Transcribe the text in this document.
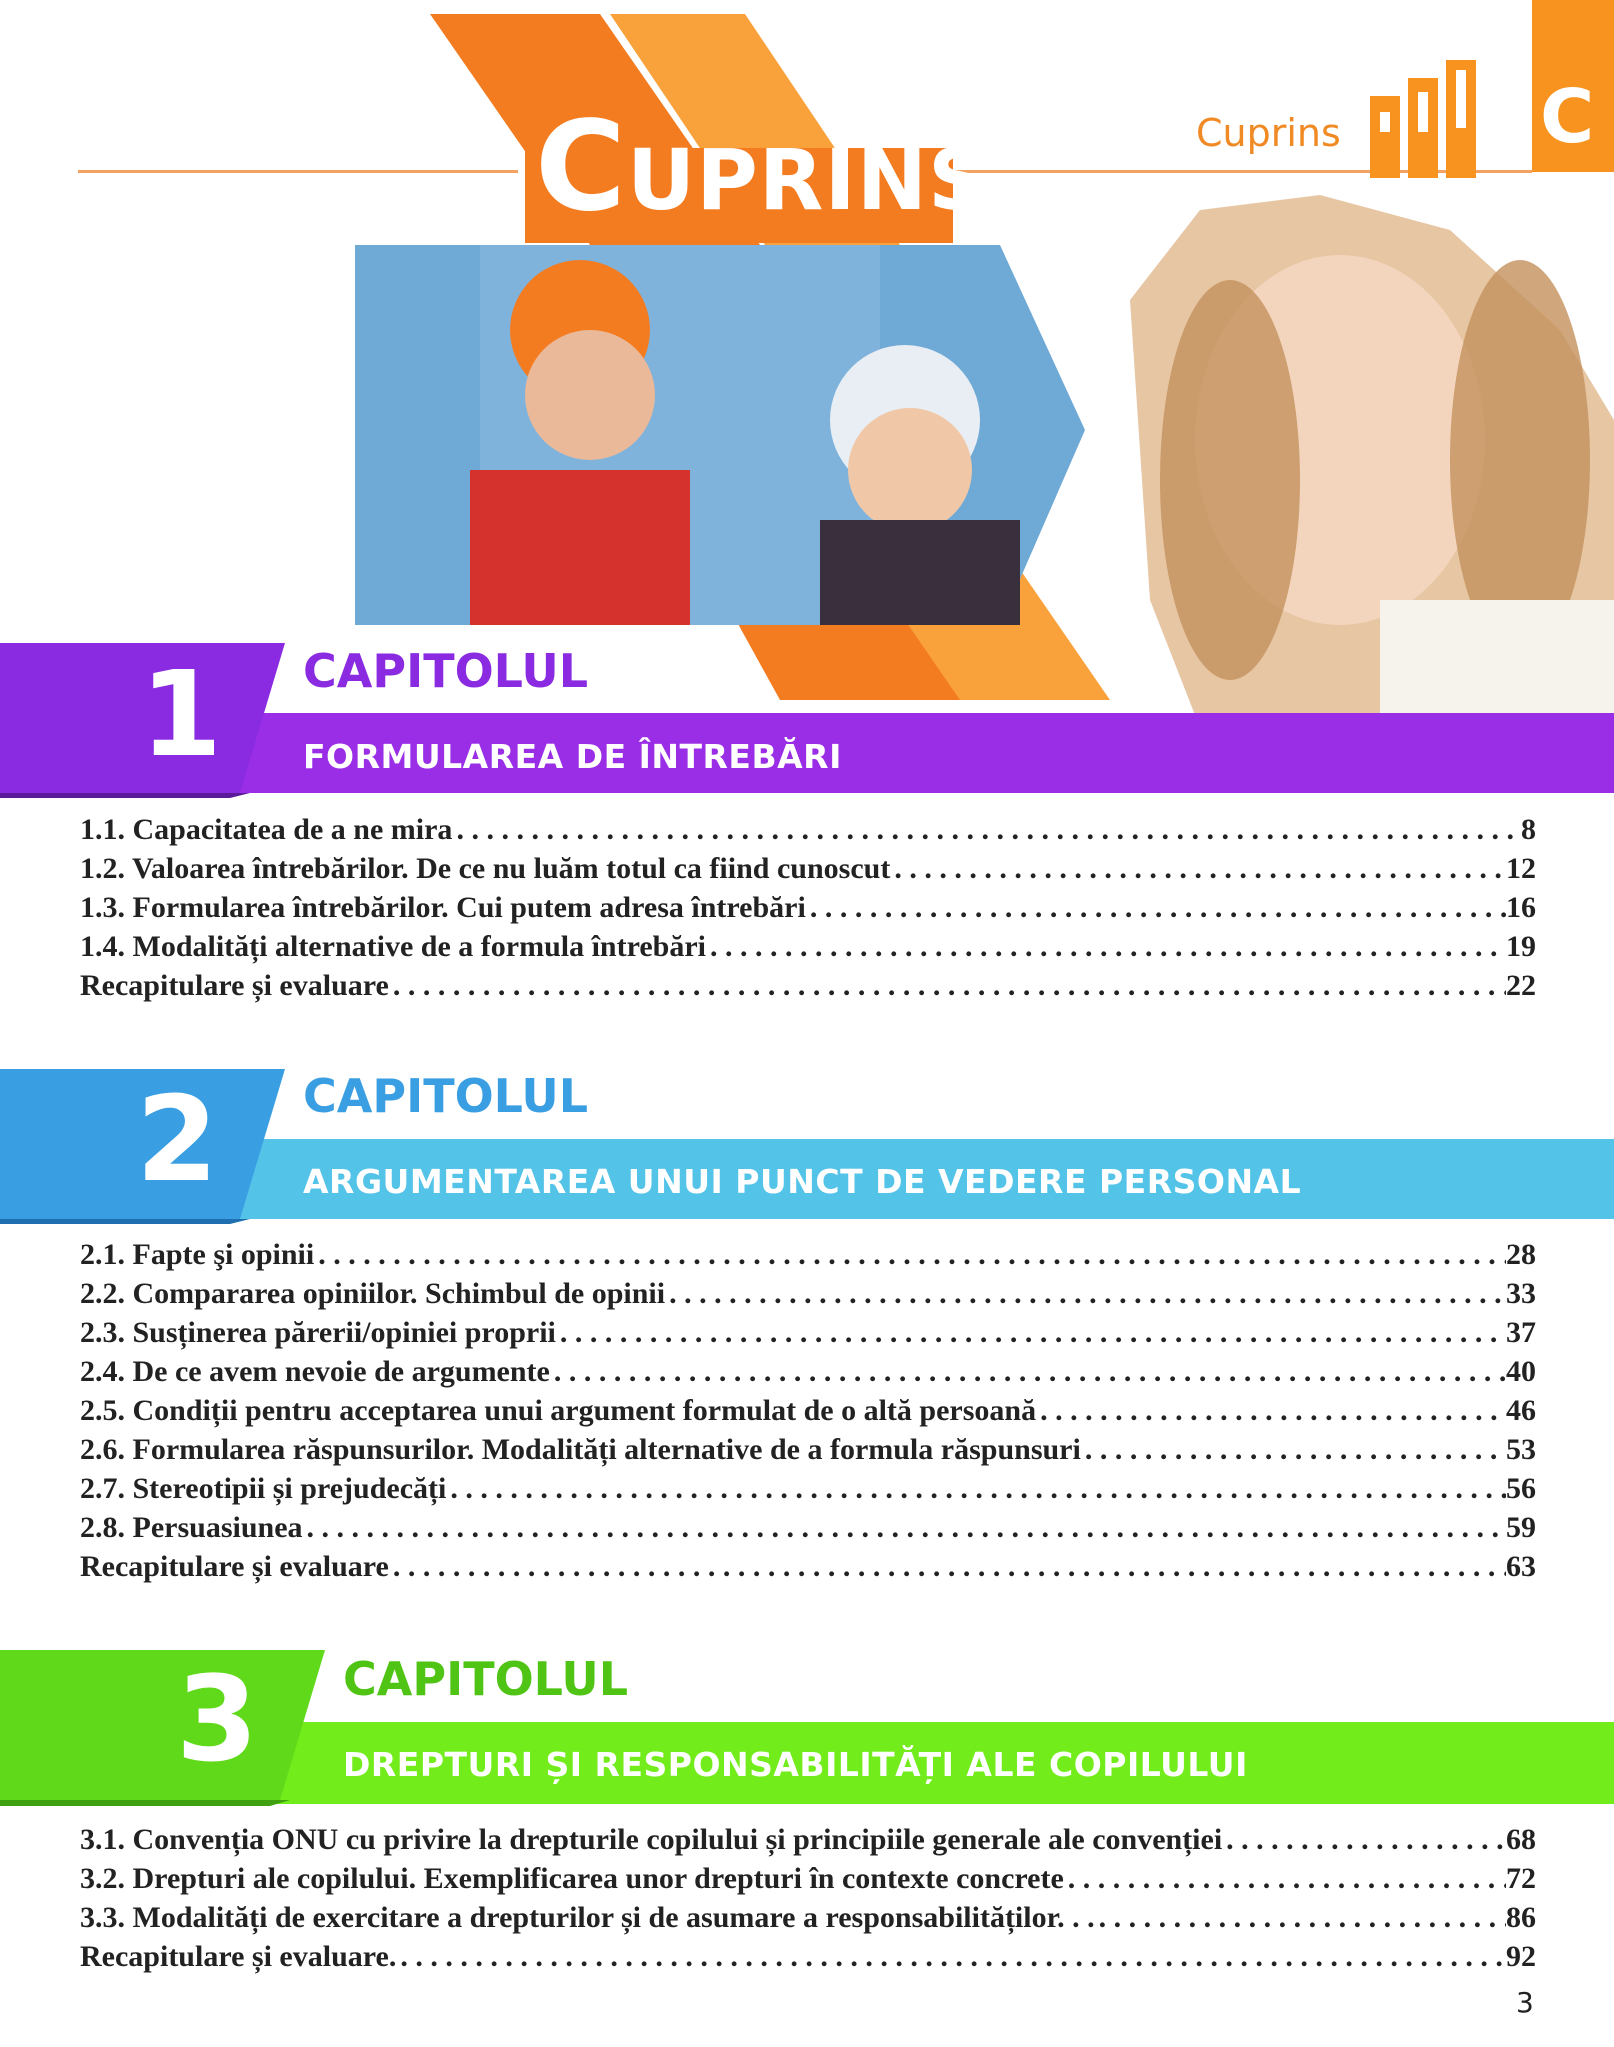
CUPRINS	Cuprins	C
1 CAPITOLUL
FORMULAREA DE ÎNTREBĂRI
1.1. Capacitatea de a ne mira . . .	8
1.2. Valoarea întrebărilor. De ce nu luăm totul ca fiind cunoscut . . .	12
1.3. Formularea întrebărilor. Cui putem adresa întrebări . . .	16
1.4. Modalități alternative de a formula întrebări . . .	19
Recapitulare și evaluare . . .	22
2 CAPITOLUL
ARGUMENTAREA UNUI PUNCT DE VEDERE PERSONAL
2.1. Fapte şi opinii . . .	28
2.2. Compararea opiniilor. Schimbul de opinii . . .	33
2.3. Susținerea părerii/opiniei proprii . . .	37
2.4. De ce avem nevoie de argumente . . .	40
2.5. Condiții pentru acceptarea unui argument formulat de o altă persoană . . .	46
2.6. Formularea răspunsurilor. Modalități alternative de a formula răspunsuri . . .	53
2.7. Stereotipii și prejudecăți . . .	56
2.8. Persuasiunea . . .	59
Recapitulare și evaluare . . .	63
3 CAPITOLUL
DREPTURI ȘI RESPONSABILITĂȚI ALE COPILULUI
3.1. Convenția ONU cu privire la drepturile copilului și principiile generale ale convenției . . .	68
3.2. Drepturi ale copilului. Exemplificarea unor drepturi în contexte concrete . . .	72
3.3. Modalități de exercitare a drepturilor și de asumare a responsabilităților. . . . . .	86
Recapitulare și evaluare. . . .	92
3
